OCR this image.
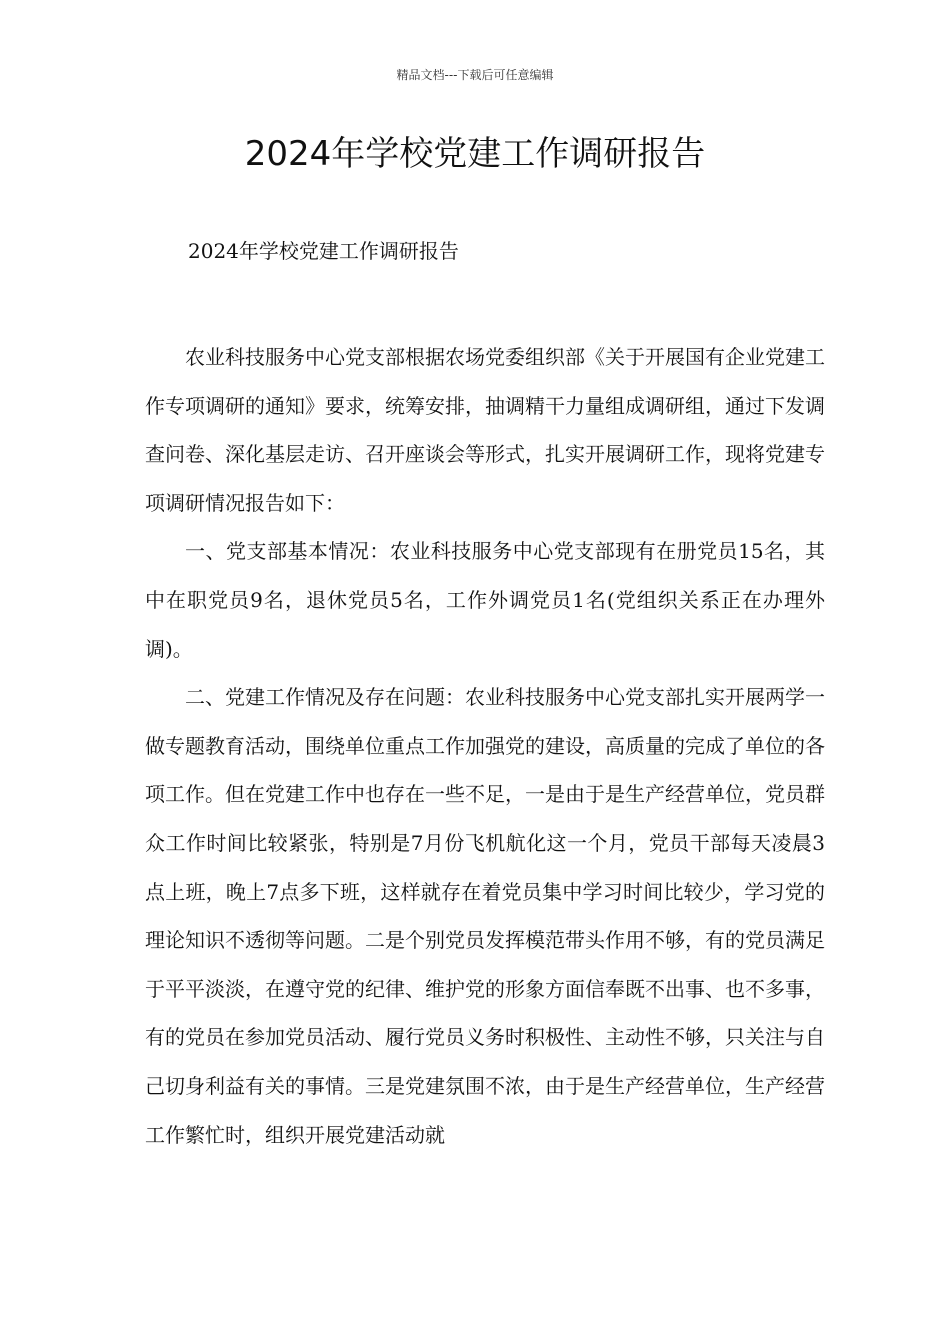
精品文档---下载后可任意编辑
2024年学校党建工作调研报告
2024年学校党建工作调研报告

农业科技服务中心党支部根据农场党委组织部《关于开展国有企业党建工作专项调研的通知》要求，统筹安排，抽调精干力量组成调研组，通过下发调查问卷、深化基层走访、召开座谈会等形式，扎实开展调研工作，现将党建专项调研情况报告如下：

一、党支部基本情况：农业科技服务中心党支部现有在册党员15名，其中在职党员9名，退休党员5名，工作外调党员1名(党组织关系正在办理外调)。

二、党建工作情况及存在问题：农业科技服务中心党支部扎实开展两学一做专题教育活动，围绕单位重点工作加强党的建设，高质量的完成了单位的各项工作。但在党建工作中也存在一些不足，一是由于是生产经营单位，党员群众工作时间比较紧张，特别是7月份飞机航化这一个月，党员干部每天凌晨3点上班，晚上7点多下班，这样就存在着党员集中学习时间比较少，学习党的理论知识不透彻等问题。二是个别党员发挥模范带头作用不够，有的党员满足于平平淡淡，在遵守党的纪律、维护党的形象方面信奉既不出事、也不多事，有的党员在参加党员活动、履行党员义务时积极性、主动性不够，只关注与自己切身利益有关的事情。三是党建氛围不浓，由于是生产经营单位，生产经营工作繁忙时，组织开展党建活动就
